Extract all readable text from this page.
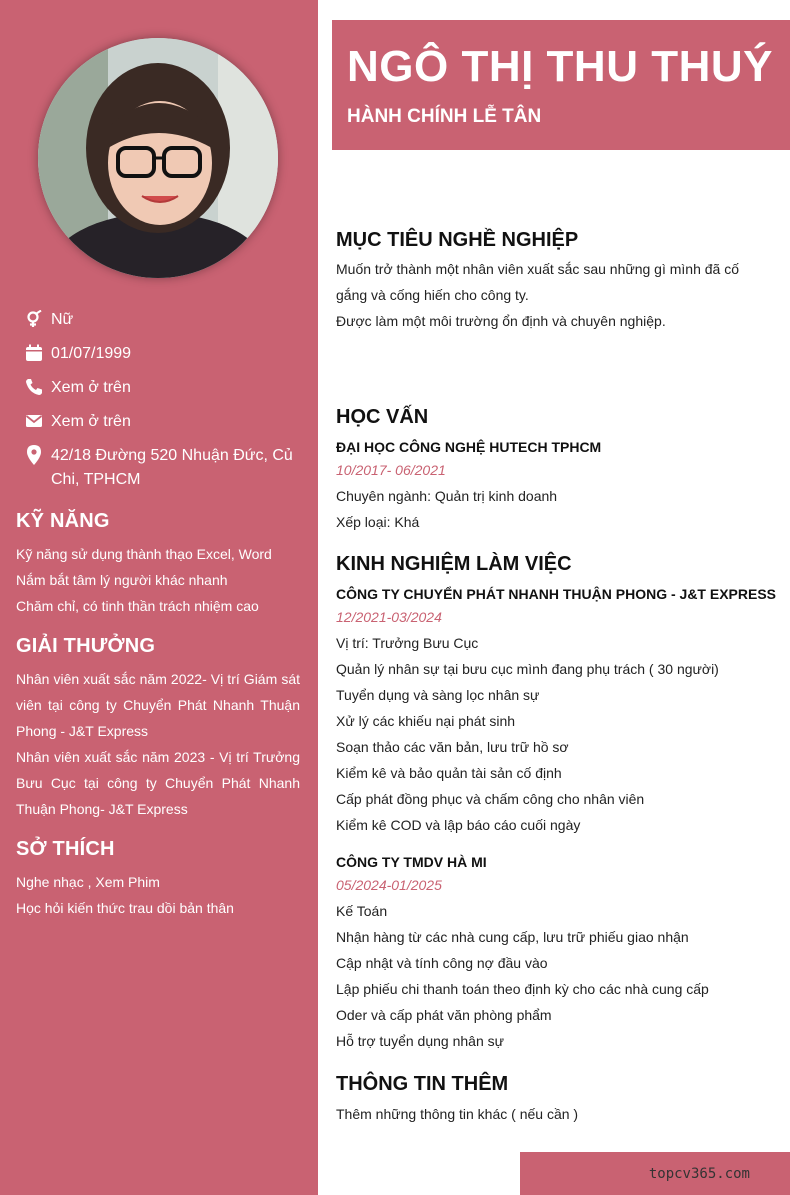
Nữ
01/07/1999
Xem ở trên
Xem ở trên
42/18 Đường 520 Nhuận Đức, Củ Chi, TPHCM
KỸ NĂNG
Kỹ năng sử dụng thành thạo Excel, Word
Nắm bắt tâm lý người khác nhanh
Chăm chỉ, có tinh thần trách nhiệm cao
GIẢI THƯỞNG
Nhân viên xuất sắc năm 2022- Vị trí Giám sát viên tại công ty Chuyển Phát Nhanh Thuận Phong - J&T Express
Nhân viên xuất sắc năm 2023 - Vị trí Trưởng Bưu Cục tại công ty Chuyển Phát Nhanh Thuận Phong- J&T Express
SỞ THÍCH
Nghe nhạc , Xem Phim
Học hỏi kiến thức trau dồi bản thân
NGÔ THỊ THU THUÝ
HÀNH CHÍNH LỄ TÂN
MỤC TIÊU NGHỀ NGHIỆP
Muốn trở thành một nhân viên xuất sắc sau những gì mình đã cố gắng và cống hiến cho công ty.
Được làm một môi trường ổn định và chuyên nghiệp.
HỌC VẤN
ĐẠI HỌC CÔNG NGHỆ HUTECH TPHCM
10/2017- 06/2021
Chuyên ngành: Quản trị kinh doanh
Xếp loại: Khá
KINH NGHIỆM LÀM VIỆC
CÔNG TY CHUYỂN PHÁT NHANH THUẬN PHONG - J&T EXPRESS
12/2021-03/2024
Vị trí: Trưởng Bưu Cục
Quản lý nhân sự tại bưu cục mình đang phụ trách ( 30 người)
Tuyển dụng và sàng lọc nhân sự
Xử lý các khiếu nại phát sinh
Soạn thảo các văn bản, lưu trữ hồ sơ
Kiểm kê và bảo quản tài sản cố định
Cấp phát đồng phục và chấm công cho nhân viên
Kiểm kê COD và lập báo cáo cuối ngày
CÔNG TY TMDV HÀ MI
05/2024-01/2025
Kế Toán
Nhận hàng từ các nhà cung cấp, lưu trữ phiếu giao nhận
Cập nhật và tính công nợ đầu vào
Lập phiếu chi thanh toán theo định kỳ cho các nhà cung cấp
Oder và cấp phát văn phòng phẩm
Hỗ trợ tuyển dụng nhân sự
THÔNG TIN THÊM
Thêm những thông tin khác ( nếu cần )
topcv365.com
